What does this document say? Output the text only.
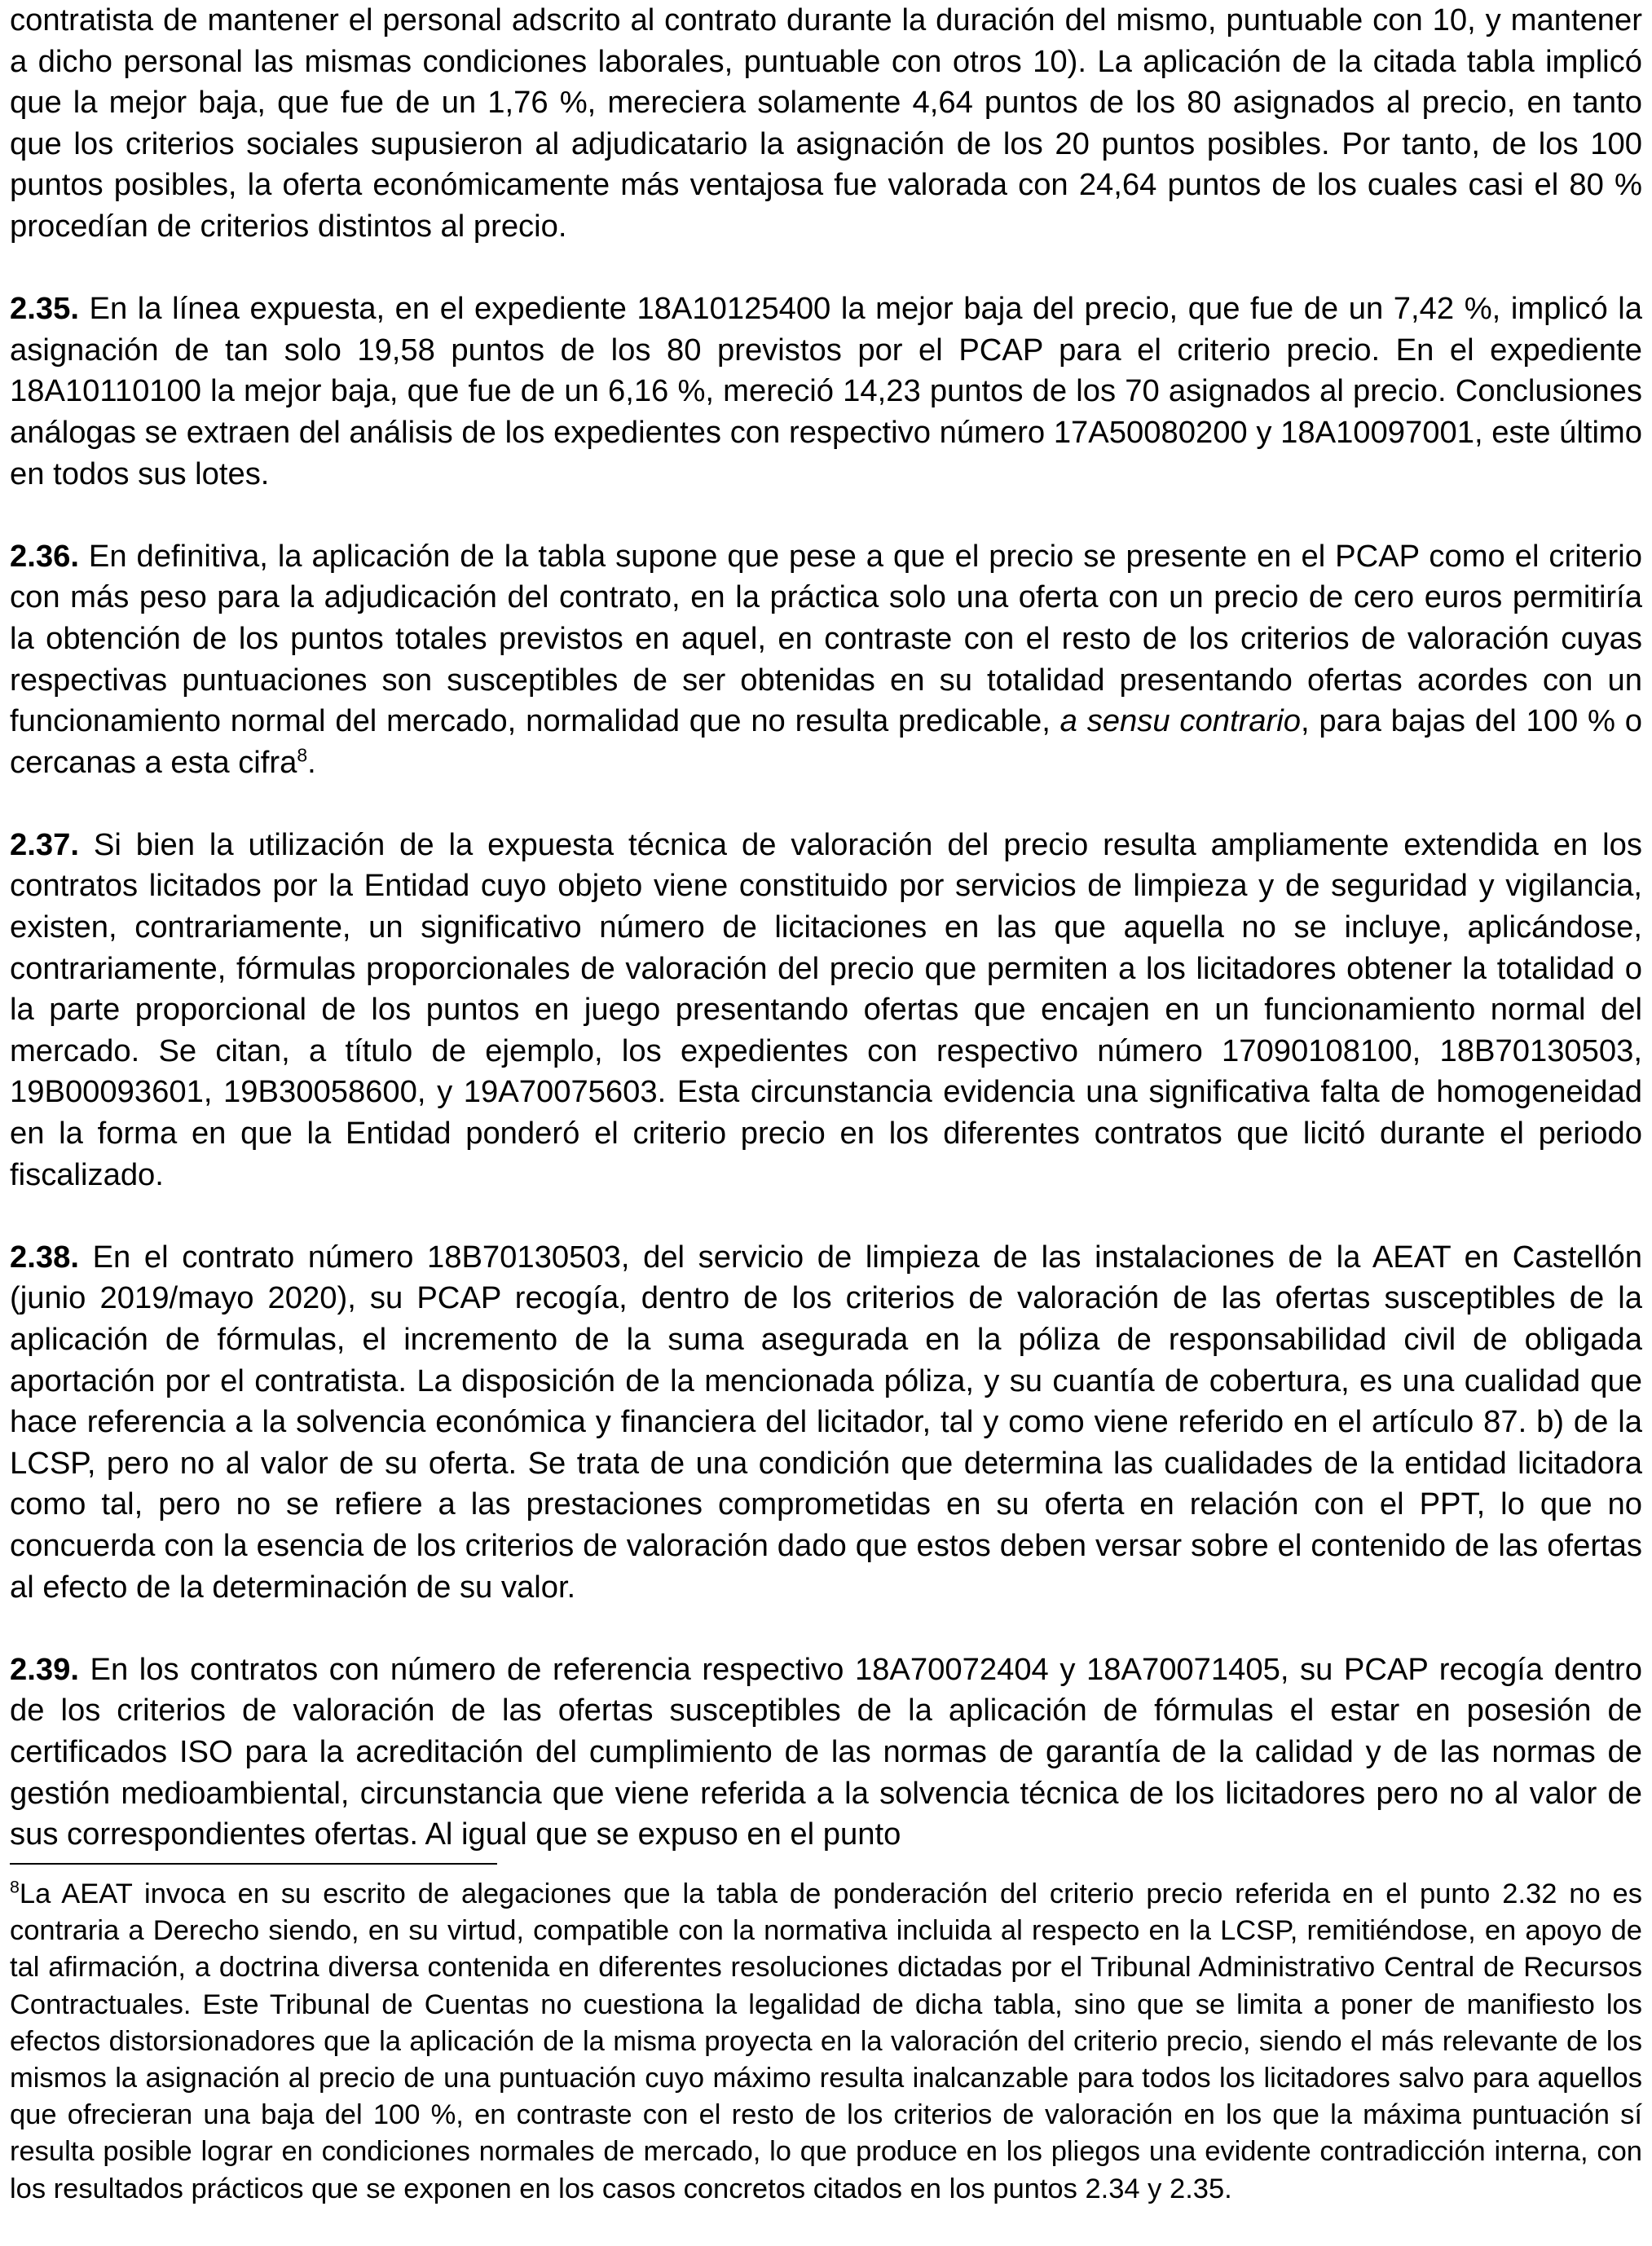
contratista de mantener el personal adscrito al contrato durante la duración del mismo, puntuable con 10, y mantener a dicho personal las mismas condiciones laborales, puntuable con otros 10). La aplicación de la citada tabla implicó que la mejor baja, que fue de un 1,76 %, mereciera solamente 4,64 puntos de los 80 asignados al precio, en tanto que los criterios sociales supusieron al adjudicatario la asignación de los 20 puntos posibles. Por tanto, de los 100 puntos posibles, la oferta económicamente más ventajosa fue valorada con 24,64 puntos de los cuales casi el 80 % procedían de criterios distintos al precio.

2.35. En la línea expuesta, en el expediente 18A10125400 la mejor baja del precio, que fue de un 7,42 %, implicó la asignación de tan solo 19,58 puntos de los 80 previstos por el PCAP para el criterio precio. En el expediente 18A10110100 la mejor baja, que fue de un 6,16 %, mereció 14,23 puntos de los 70 asignados al precio. Conclusiones análogas se extraen del análisis de los expedientes con respectivo número 17A50080200 y 18A10097001, este último en todos sus lotes.

2.36. En definitiva, la aplicación de la tabla supone que pese a que el precio se presente en el PCAP como el criterio con más peso para la adjudicación del contrato, en la práctica solo una oferta con un precio de cero euros permitiría la obtención de los puntos totales previstos en aquel, en contraste con el resto de los criterios de valoración cuyas respectivas puntuaciones son susceptibles de ser obtenidas en su totalidad presentando ofertas acordes con un funcionamiento normal del mercado, normalidad que no resulta predicable, a sensu contrario, para bajas del 100 % o cercanas a esta cifra$^8$.

2.37. Si bien la utilización de la expuesta técnica de valoración del precio resulta ampliamente extendida en los contratos licitados por la Entidad cuyo objeto viene constituido por servicios de limpieza y de seguridad y vigilancia, existen, contrariamente, un significativo número de licitaciones en las que aquella no se incluye, aplicándose, contrariamente, fórmulas proporcionales de valoración del precio que permiten a los licitadores obtener la totalidad o la parte proporcional de los puntos en juego presentando ofertas que encajen en un funcionamiento normal del mercado. Se citan, a título de ejemplo, los expedientes con respectivo número 17090108100, 18B70130503, 19B00093601, 19B30058600, y 19A70075603. Esta circunstancia evidencia una significativa falta de homogeneidad en la forma en que la Entidad ponderó el criterio precio en los diferentes contratos que licitó durante el periodo fiscalizado.

2.38. En el contrato número 18B70130503, del servicio de limpieza de las instalaciones de la AEAT en Castellón (junio 2019/mayo 2020), su PCAP recogía, dentro de los criterios de valoración de las ofertas susceptibles de la aplicación de fórmulas, el incremento de la suma asegurada en la póliza de responsabilidad civil de obligada aportación por el contratista. La disposición de la mencionada póliza, y su cuantía de cobertura, es una cualidad que hace referencia a la solvencia económica y financiera del licitador, tal y como viene referido en el artículo 87. b) de la LCSP, pero no al valor de su oferta. Se trata de una condición que determina las cualidades de la entidad licitadora como tal, pero no se refiere a las prestaciones comprometidas en su oferta en relación con el PPT, lo que no concuerda con la esencia de los criterios de valoración dado que estos deben versar sobre el contenido de las ofertas al efecto de la determinación de su valor.

2.39. En los contratos con número de referencia respectivo 18A70072404 y 18A70071405, su PCAP recogía dentro de los criterios de valoración de las ofertas susceptibles de la aplicación de fórmulas el estar en posesión de certificados ISO para la acreditación del cumplimiento de las normas de garantía de la calidad y de las normas de gestión medioambiental, circunstancia que viene referida a la solvencia técnica de los licitadores pero no al valor de sus correspondientes ofertas. Al igual que se expuso en el punto

$^8$La AEAT invoca en su escrito de alegaciones que la tabla de ponderación del criterio precio referida en el punto 2.32 no es contraria a Derecho siendo, en su virtud, compatible con la normativa incluida al respecto en la LCSP, remitiéndose, en apoyo de tal afirmación, a doctrina diversa contenida en diferentes resoluciones dictadas por el Tribunal Administrativo Central de Recursos Contractuales. Este Tribunal de Cuentas no cuestiona la legalidad de dicha tabla, sino que se limita a poner de manifiesto los efectos distorsionadores que la aplicación de la misma proyecta en la valoración del criterio precio, siendo el más relevante de los mismos la asignación al precio de una puntuación cuyo máximo resulta inalcanzable para todos los licitadores salvo para aquellos que ofrecieran una baja del 100 %, en contraste con el resto de los criterios de valoración en los que la máxima puntuación sí resulta posible lograr en condiciones normales de mercado, lo que produce en los pliegos una evidente contradicción interna, con los resultados prácticos que se exponen en los casos concretos citados en los puntos 2.34 y 2.35.
